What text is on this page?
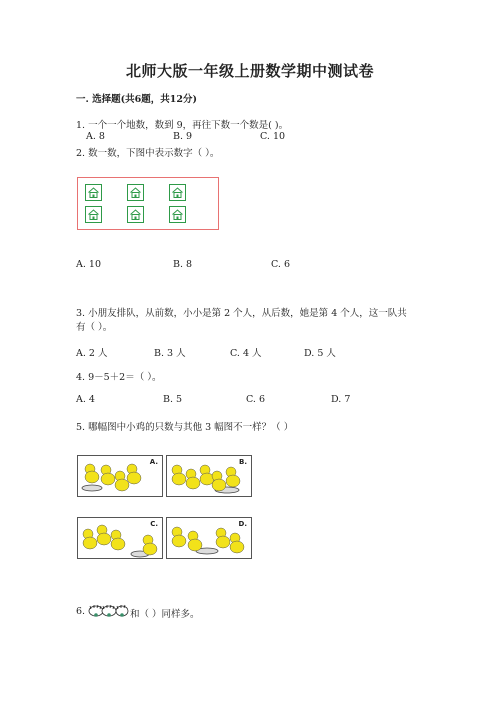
北师大版一年级上册数学期中测试卷
一. 选择题(共6题，共12分)
1. 一个一个地数，数到 9，再往下数一个数是( )。
A. 8	B. 9	C. 10
2. 数一数，下图中表示数字（ ）。
A. 10	B. 8	C. 6
3. 小朋友排队，从前数，小小是第 2 个人，从后数，她是第 4 个人，这一队共
有（ ）。
A. 2 人	B. 3 人	C. 4 人	D. 5 人
4. 9－5＋2＝（ ）。
A. 4	B. 5	C. 6	D. 7
5. 哪幅图中小鸡的只数与其他 3 幅图不一样？（ ）
A.	B.
C.	D.
6.	和（ ）同样多。
